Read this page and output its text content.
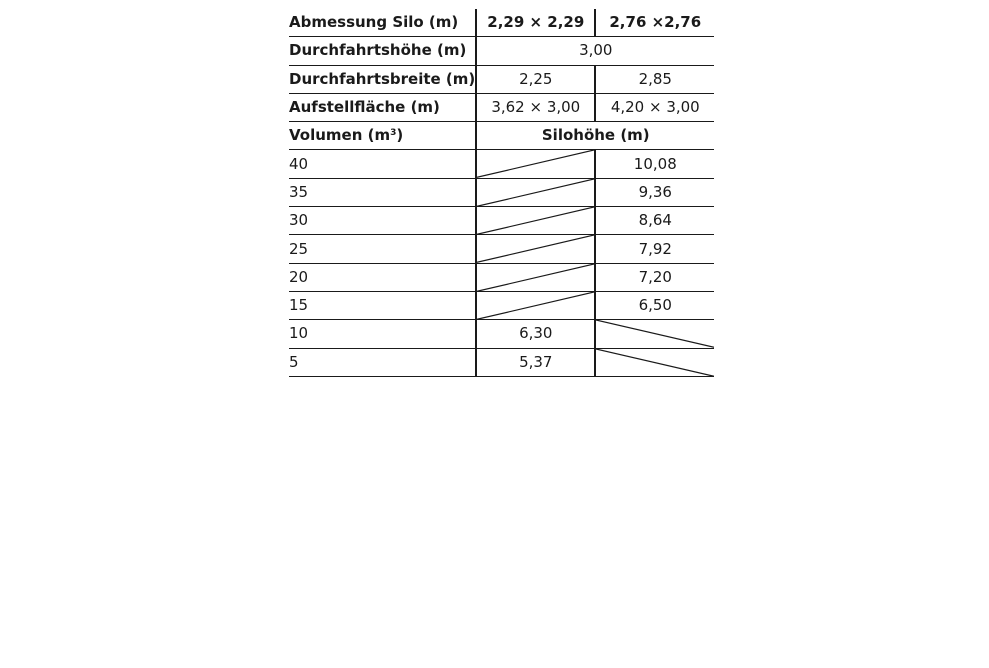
Abmessung Silo (m)	2,29 × 2,29	2,76 ×2,76
Durchfahrtshöhe (m)	3,00	
Durchfahrtsbreite (m)	2,25	2,85
Aufstellfläche (m)	3,62 × 3,00	4,20 × 3,00
Volumen $(m^3)$	Silohöhe (m)	
40		10,08
35		9,36
30		8,64
25		7,92
20		7,20
15		6,50
10	6,30	

5	5,37	
